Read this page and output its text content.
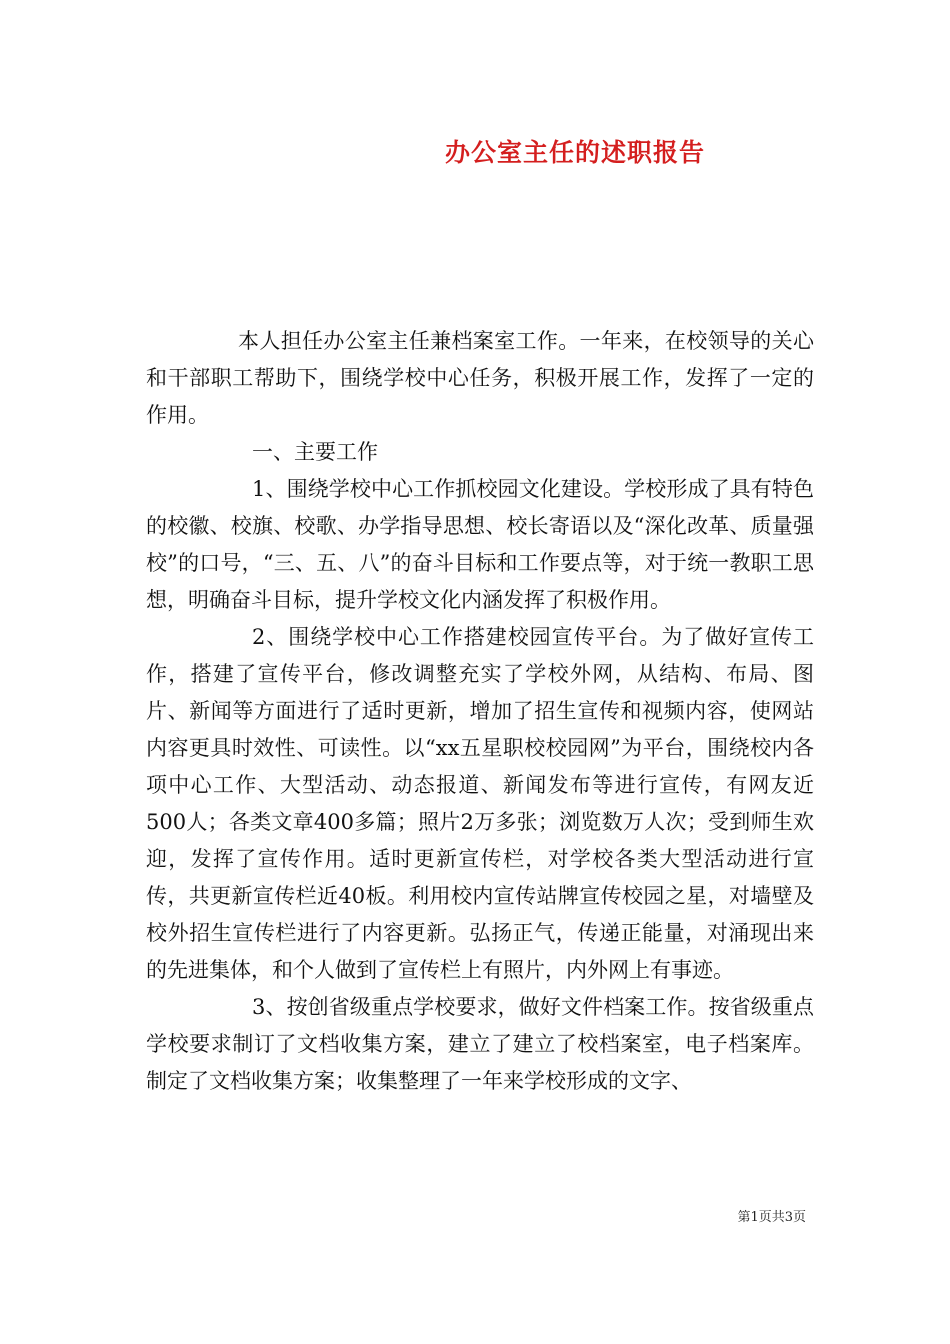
办公室主任的述职报告

本人担任办公室主任兼档案室工作。一年来，在校领导的关心和干部职工帮助下，围绕学校中心任务，积极开展工作，发挥了一定的作用。

一、主要工作

1、围绕学校中心工作抓校园文化建设。学校形成了具有特色的校徽、校旗、校歌、办学指导思想、校长寄语以及“深化改革、质量强校”的口号，“三、五、八”的奋斗目标和工作要点等，对于统一教职工思想，明确奋斗目标，提升学校文化内涵发挥了积极作用。

2、围绕学校中心工作搭建校园宣传平台。为了做好宣传工作，搭建了宣传平台，修改调整充实了学校外网，从结构、布局、图片、新闻等方面进行了适时更新，增加了招生宣传和视频内容，使网站内容更具时效性、可读性。以“xx五星职校校园网”为平台，围绕校内各项中心工作、大型活动、动态报道、新闻发布等进行宣传，有网友近500人；各类文章400多篇；照片2万多张；浏览数万人次；受到师生欢迎，发挥了宣传作用。适时更新宣传栏，对学校各类大型活动进行宣传，共更新宣传栏近40板。利用校内宣传站牌宣传校园之星，对墙壁及校外招生宣传栏进行了内容更新。弘扬正气，传递正能量，对涌现出来的先进集体，和个人做到了宣传栏上有照片，内外网上有事迹。

3、按创省级重点学校要求，做好文件档案工作。按省级重点学校要求制订了文档收集方案，建立了建立了校档案室，电子档案库。制定了文档收集方案；收集整理了一年来学校形成的文字、

第1页共3页
